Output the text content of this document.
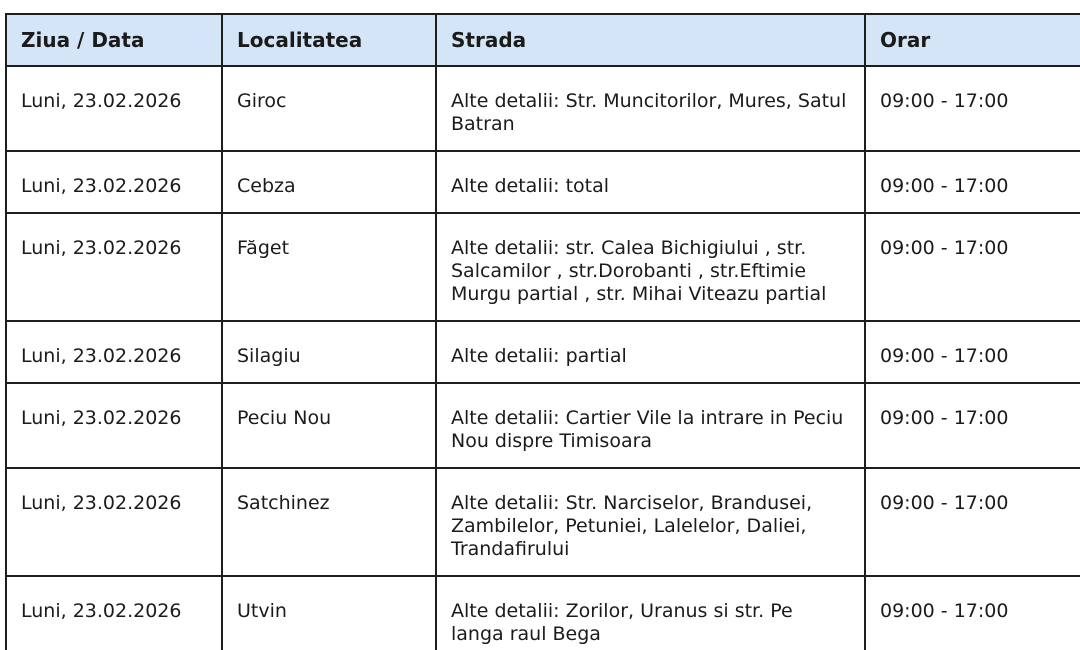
Ziua / Data	Localitatea	Strada	Orar
Luni, 23.02.2026	Giroc	Alte detalii: Str. Muncitorilor, Mures, Satul Batran	09:00 - 17:00
Luni, 23.02.2026	Cebza	Alte detalii: total	09:00 - 17:00
Luni, 23.02.2026	Făget	Alte detalii: str. Calea Bichigiului , str. Salcamilor , str.Dorobanti , str.Eftimie Murgu partial , str. Mihai Viteazu partial	09:00 - 17:00
Luni, 23.02.2026	Silagiu	Alte detalii: partial	09:00 - 17:00
Luni, 23.02.2026	Peciu Nou	Alte detalii: Cartier Vile la intrare in Peciu Nou dispre Timisoara	09:00 - 17:00
Luni, 23.02.2026	Satchinez	Alte detalii: Str. Narciselor, Brandusei, Zambilelor, Petuniei, Lalelelor, Daliei, Trandafirului	09:00 - 17:00
Luni, 23.02.2026	Utvin	Alte detalii: Zorilor, Uranus si str. Pe langa raul Bega	09:00 - 17:00
